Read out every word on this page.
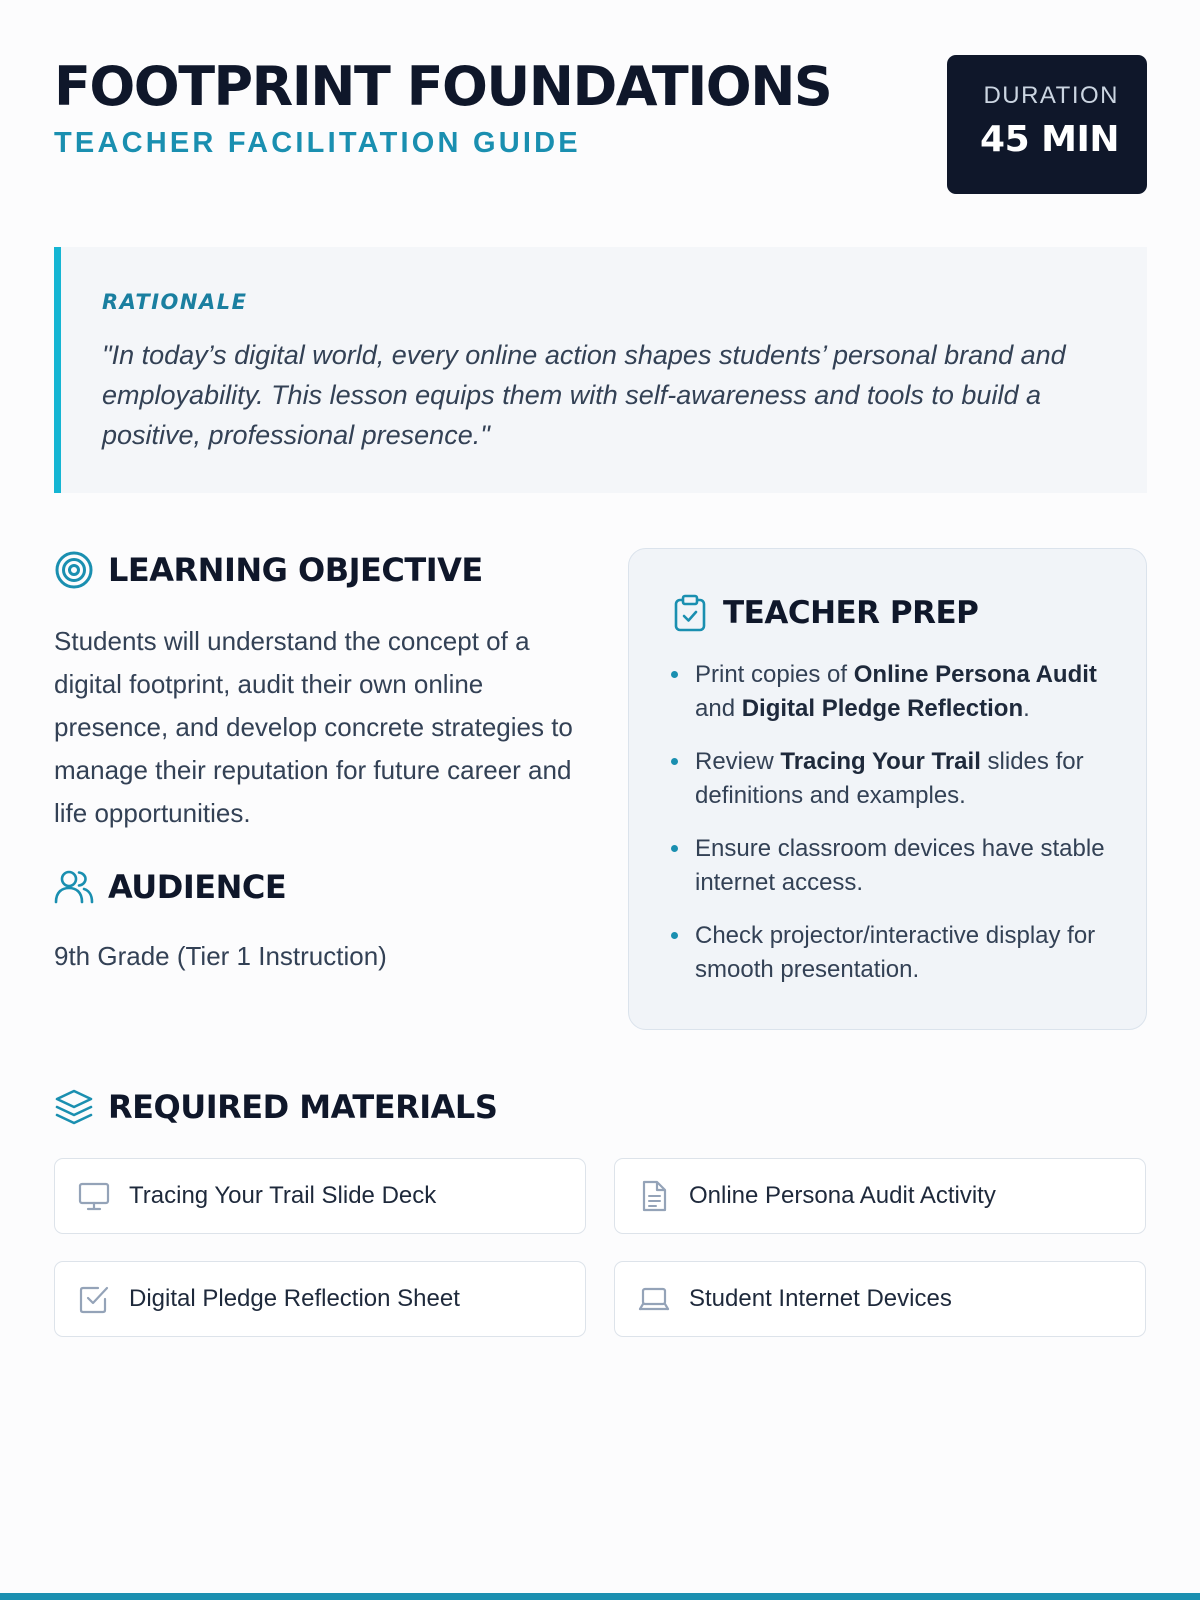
FOOTPRINT FOUNDATIONS
TEACHER FACILITATION GUIDE
DURATION
45 MIN
RATIONALE
"In today’s digital world, every online action shapes students’ personal brand and employability. This lesson equips them with self-awareness and tools to build a positive, professional presence."
LEARNING OBJECTIVE

Students will understand the concept of a digital footprint, audit their own online presence, and develop concrete strategies to manage their reputation for future career and life opportunities.

AUDIENCE

9th Grade (Tier 1 Instruction)

TEACHER PREP
Print copies of Online Persona Audit and Digital Pledge Reflection.
Review Tracing Your Trail slides for definitions and examples.
Ensure classroom devices have stable internet access.
Check projector/interactive display for smooth presentation.
REQUIRED MATERIALS
Tracing Your Trail Slide Deck	Online Persona Audit Activity
Digital Pledge Reflection Sheet	Student Internet Devices
